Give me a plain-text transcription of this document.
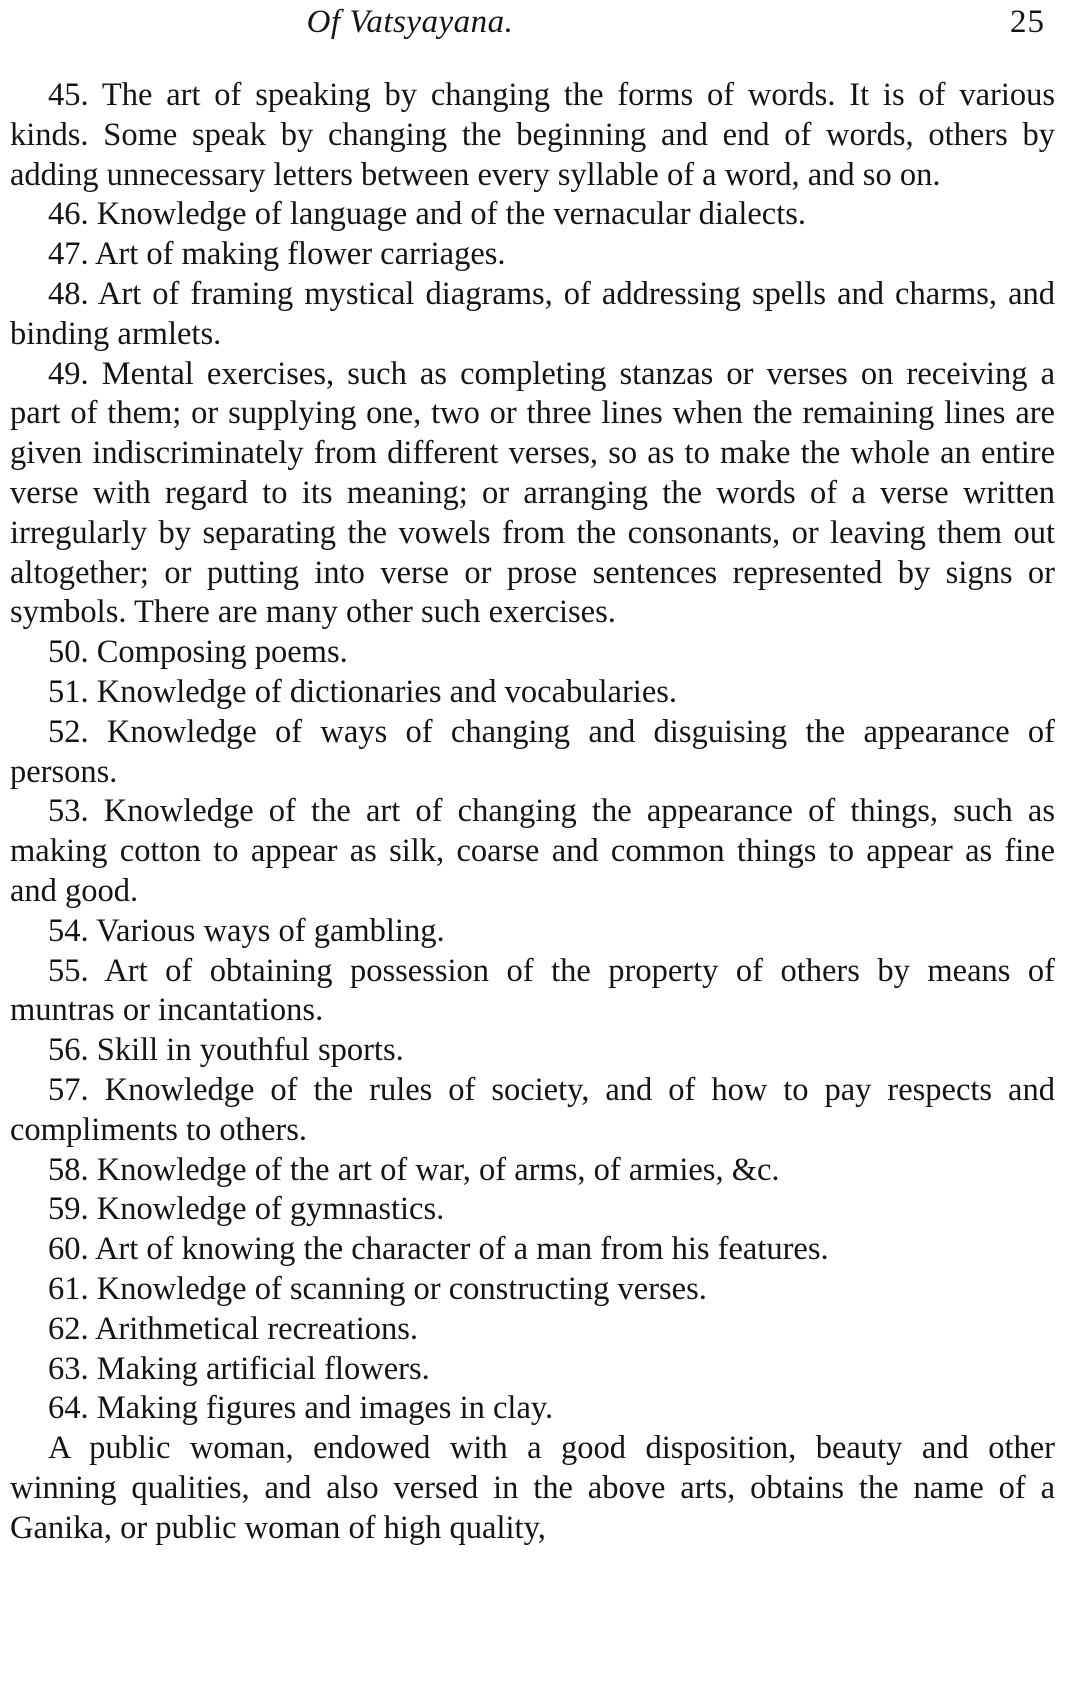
Of Vatsyayana.	25

45. The art of speaking by changing the forms of words. It is of various kinds. Some speak by changing the beginning and end of words, others by adding unnecessary letters between every syllable of a word, and so on.

46. Knowledge of language and of the vernacular dialects.

47. Art of making flower carriages.

48. Art of framing mystical diagrams, of addressing spells and charms, and binding armlets.

49. Mental exercises, such as completing stanzas or verses on receiving a part of them; or supplying one, two or three lines when the remaining lines are given indiscriminately from different verses, so as to make the whole an entire verse with regard to its meaning; or arranging the words of a verse written irregularly by separating the vowels from the consonants, or leaving them out altogether; or putting into verse or prose sentences represented by signs or symbols. There are many other such exercises.

50. Composing poems.

51. Knowledge of dictionaries and vocabularies.

52. Knowledge of ways of changing and disguising the appearance of persons.

53. Knowledge of the art of changing the appearance of things, such as making cotton to appear as silk, coarse and common things to appear as fine and good.

54. Various ways of gambling.

55. Art of obtaining possession of the property of others by means of muntras or incantations.

56. Skill in youthful sports.

57. Knowledge of the rules of society, and of how to pay respects and compliments to others.

58. Knowledge of the art of war, of arms, of armies, &c.

59. Knowledge of gymnastics.

60. Art of knowing the character of a man from his features.

61. Knowledge of scanning or constructing verses.

62. Arithmetical recreations.

63. Making artificial flowers.

64. Making figures and images in clay.

A public woman, endowed with a good disposition, beauty and other winning qualities, and also versed in the above arts, obtains the name of a Ganika, or public woman of high quality,
